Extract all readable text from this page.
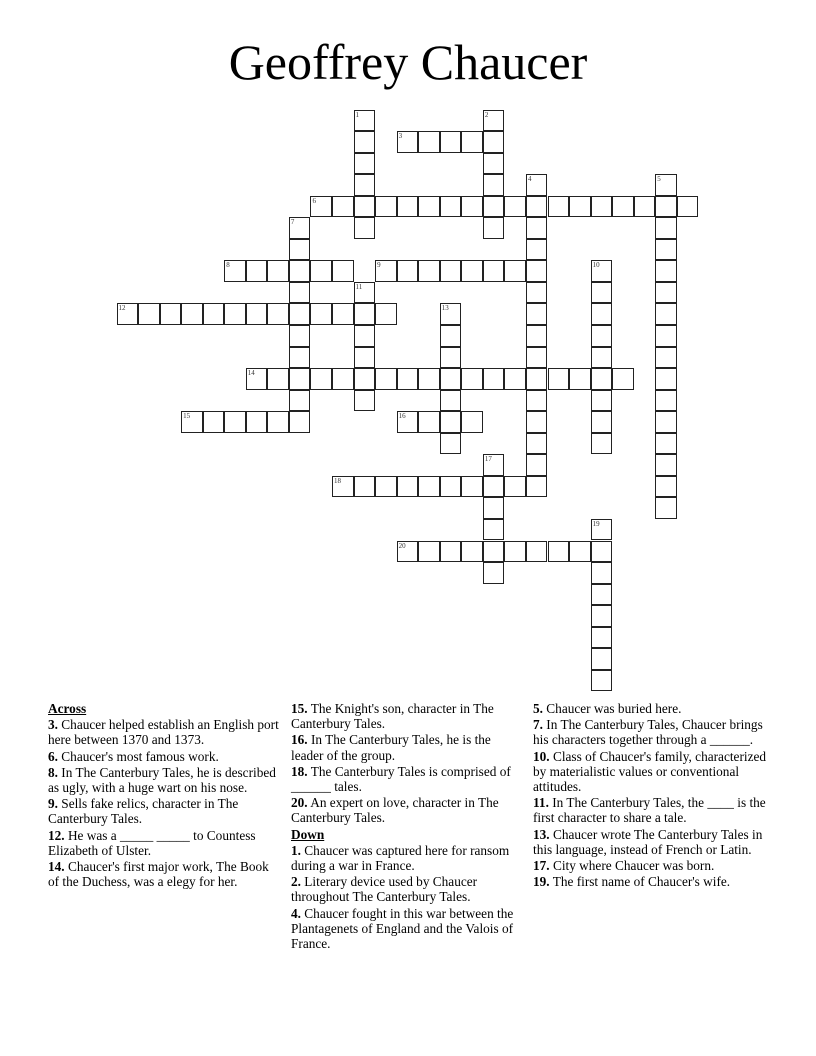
Geoffrey Chaucer
1	2
3
4	5
6
7
8	9	10
11
12	13
14
15	16
17
18
19
20
Across
3. Chaucer helped establish an English port here between 1370 and 1373.
6. Chaucer's most famous work.
8. In The Canterbury Tales, he is described as ugly, with a huge wart on his nose.
9. Sells fake relics, character in The Canterbury Tales.
12. He was a _____ _____ to Countess Elizabeth of Ulster.
14. Chaucer's first major work, The Book of the Duchess, was a elegy for her.
15. The Knight's son, character in The Canterbury Tales.
16. In The Canterbury Tales, he is the leader of the group.
18. The Canterbury Tales is comprised of ______ tales.
20. An expert on love, character in The Canterbury Tales.
Down
1. Chaucer was captured here for ransom during a war in France.
2. Literary device used by Chaucer throughout The Canterbury Tales.
4. Chaucer fought in this war between the Plantagenets of England and the Valois of France.
5. Chaucer was buried here.
7. In The Canterbury Tales, Chaucer brings his characters together through a ______.
10. Class of Chaucer's family, characterized by materialistic values or conventional attitudes.
11. In The Canterbury Tales, the ____ is the first character to share a tale.
13. Chaucer wrote The Canterbury Tales in this language, instead of French or Latin.
17. City where Chaucer was born.
19. The first name of Chaucer's wife.
